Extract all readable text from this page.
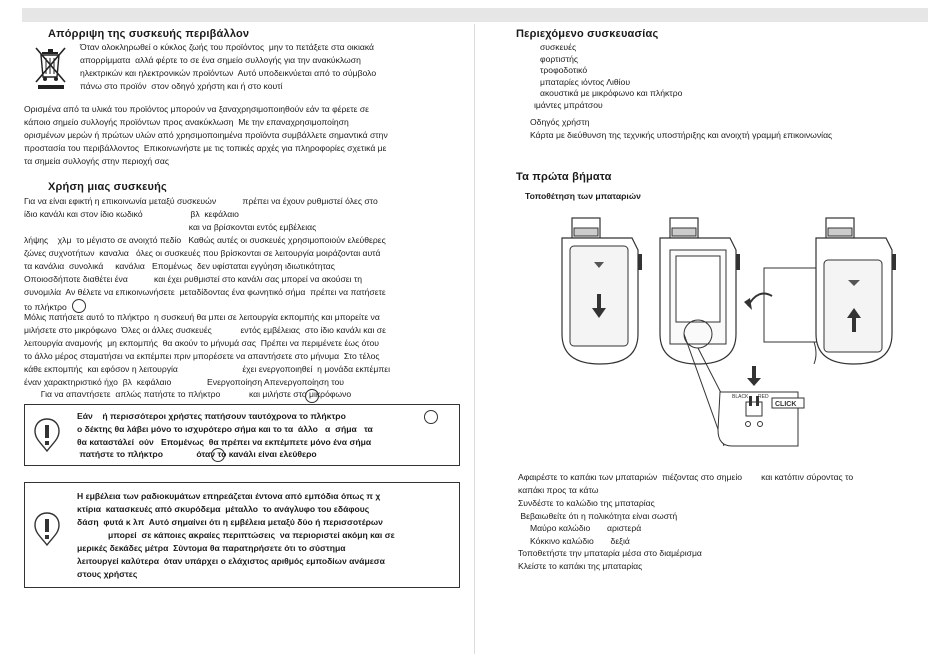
Απόρριψη της συσκευής περιβάλλον
Όταν ολοκληρωθεί ο κύκλος ζωής του προϊόντος  μην το πετάξετε στα οικιακά
απορρίμματα  αλλά φέρτε το σε ένα σημείο συλλογής για την ανακύκλωση
ηλεκτρικών και ηλεκτρονικών προϊόντων  Αυτό υποδεικνύεται από το σύμβολο
πάνω στο προϊόν  στον οδηγό χρήστη και ή στο κουτί
Ορισμένα από τα υλικά του προϊόντος μπορούν να ξαναχρησιμοποιηθούν εάν τα φέρετε σε
κάποιο σημείο συλλογής προϊόντων προς ανακύκλωση  Με την επαναχρησιμοποίηση
ορισμένων μερών ή πρώτων υλών από χρησιμοποιημένα προϊόντα συμβάλλετε σημαντικά στην
προστασία του περιβάλλοντος  Επικοινωνήστε με τις τοπικές αρχές για πληροφορίες σχετικά με
τα σημεία συλλογής στην περιοχή σας
Χρήση μιας συσκευής
Για να είναι εφικτή η επικοινωνία μεταξύ συσκευών           πρέπει να έχουν ρυθμιστεί όλες στο
ίδιο κανάλι και στον ίδιο κωδικό                    βλ  κεφάλαιο
και να βρίσκονται εντός εμβέλειας
λήψης    χλμ  το μέγιστο σε ανοιχτό πεδίο   Καθώς αυτές οι συσκευές χρησιμοποιούν ελεύθερες
ζώνες συχνοτήτων  καναλια   όλες οι συσκευές που βρίσκονται σε λειτουργία μοιράζονται αυτά
τα κανάλια  συνολικά     κανάλια   Επομένως  δεν υφίσταται εγγύηση ιδιωτικότητας
Οποιοσδήποτε διαθέτει ένα           και έχει ρυθμιστεί στο κανάλι σας μπορεί να ακούσει τη
συνομιλία  Αν θέλετε να επικοινωνήσετε  μεταδίδοντας ένα φωνητικό σήμα  πρέπει να πατήσετε
το πλήκτρο
Μόλις πατήσετε αυτό το πλήκτρο  η συσκευή θα μπει σε λειτουργία εκπομπής και μπορείτε να
μιλήσετε στο μικρόφωνο  Όλες οι άλλες συσκευές            εντός εμβέλειας  στο ίδιο κανάλι και σε
λειτουργία αναμονής  μη εκπομπής  θα ακούν το μήνυμά σας  Πρέπει να περιμένετε έως ότου
το άλλο μέρος σταματήσει να εκπέμπει πριν μπορέσετε να απαντήσετε στο μήνυμα  Στο τέλος
κάθε εκπομπής  και εφόσον η λειτουργία                           έχει ενεργοποιηθεί  η μονάδα εκπέμπει
έναν χαρακτηριστικό ήχο  βλ  κεφάλαιο               Ενεργοποίηση Απενεργοποίηση του
Για να απαντήσετε  απλώς πατήστε το πλήκτρο            και μιλήστε στο μικρόφωνο
Εάν    ή περισσότεροι χρήστες πατήσουν ταυτόχρονα το πλήκτρο
ο δέκτης θα λάβει μόνο το ισχυρότερο σήμα και το τα  άλλο   α  σήμα   τα
θα καταστάλεί  ούν   Επομένως  θα πρέπει να εκπέμπετε μόνο ένα σήμα
πατήστε το πλήκτρο              όταν το κανάλι είναι ελεύθερο
Η εμβέλεια των ραδιοκυμάτων επηρεάζεται έντονα από εμπόδια όπως π χ
κτίρια  κατασκευές από σκυρόδεμα  μέταλλο  το ανάγλυφο του εδάφους
δάση  φυτά κ λπ  Αυτό σημαίνει ότι η εμβέλεια μεταξύ δύο ή περισσοτέρων
μπορεί  σε κάποιες ακραίες περιπτώσεις  να περιοριστεί ακόμη και σε
μερικές δεκάδες μέτρα  Σύντομα θα παρατηρήσετε ότι το σύστημα
λειτουργεί καλύτερα  όταν υπάρχει ο ελάχιστος αριθμός εμποδίων ανάμεσα
στους χρήστες
Περιεχόμενο συσκευασίας
συσκευές
φορτιστής
τροφοδοτικό
μπαταρίες ιόντος Λιθίου
ακουστικά με μικρόφωνο και πλήκτρο
ιμάντες μπράτσου
Οδηγός χρήστη
Κάρτα με διεύθυνση της τεχνικής υποστήριξης και ανοιχτή γραμμή επικοινωνίας
Τα πρώτα βήματα
Τοποθέτηση των μπαταριών
BLACK RED
CLICK
Αφαιρέστε το καπάκι των μπαταριών  πιέζοντας στο σημείο        και κατόπιν σύροντας το
καπάκι προς τα κάτω
Συνδέστε το καλώδιο της μπαταρίας
Βεβαιωθείτε ότι η πολικότητα είναι σωστή
Μαύρο καλώδιο       αριστερά
Κόκκινο καλώδιο       δεξιά
Τοποθετήστε την μπαταρία μέσα στο διαμέρισμα
Κλείστε το καπάκι της μπαταρίας
